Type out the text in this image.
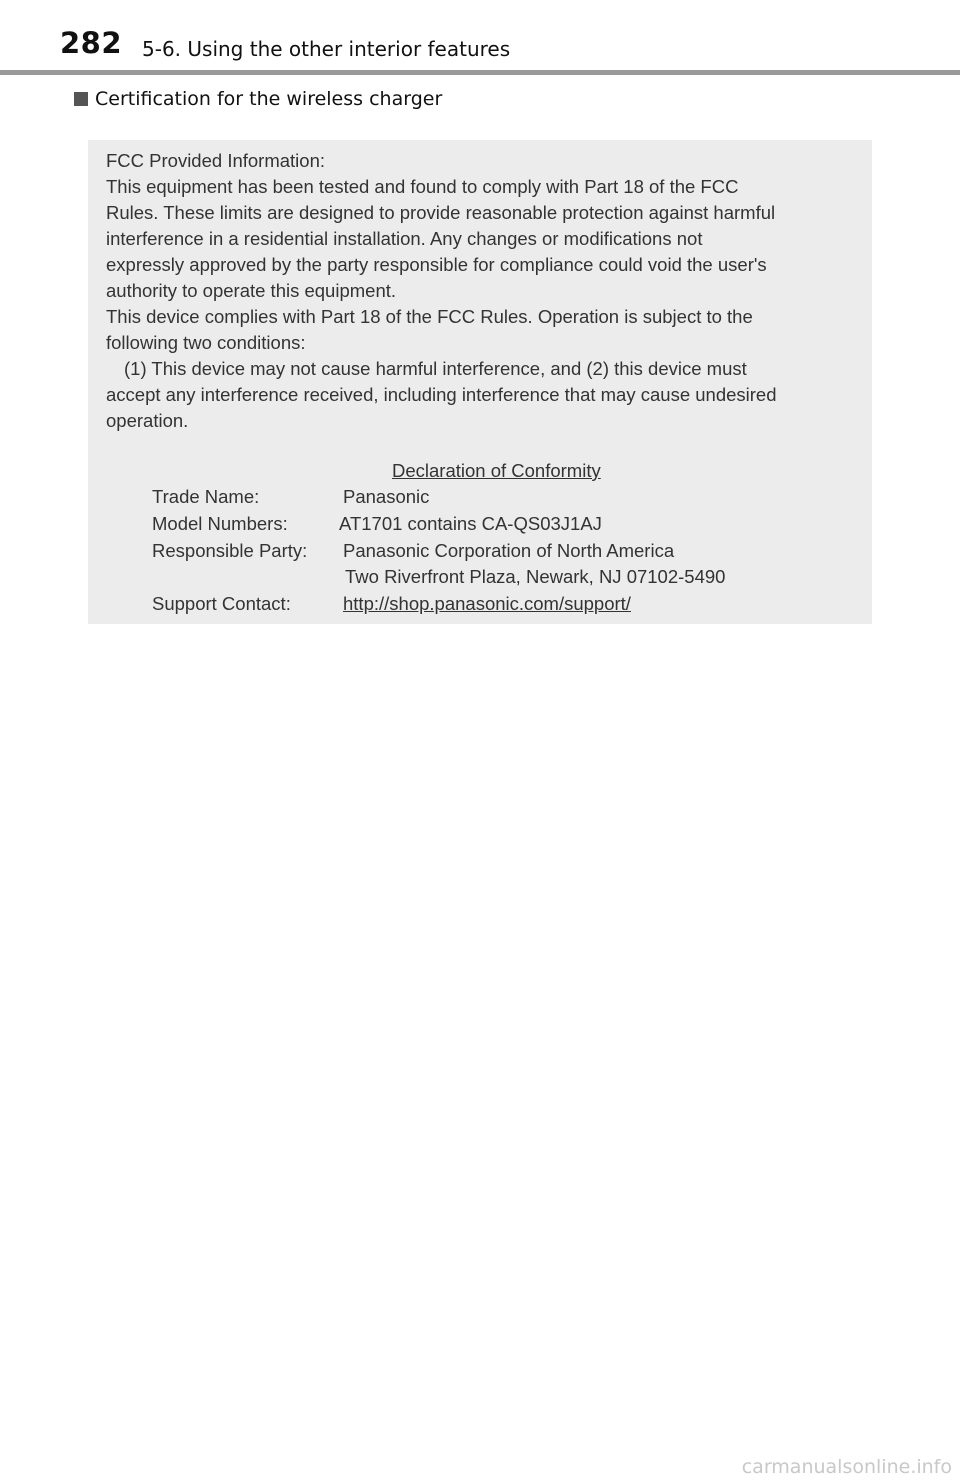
282 5-6. Using the other interior features
Certification for the wireless charger
FCC Provided Information:
This equipment has been tested and found to comply with Part 18 of the FCC
Rules. These limits are designed to provide reasonable protection against harmful
interference in a residential installation. Any changes or modifications not
expressly approved by the party responsible for compliance could void the user's
authority to operate this equipment.
This device complies with Part 18 of the FCC Rules. Operation is subject to the
following two conditions:
(1) This device may not cause harmful interference, and (2) this device must
accept any interference received, including interference that may cause undesired
operation.
Declaration of Conformity
Trade Name:	Panasonic
Model Numbers:	AT1701 contains CA-QS03J1AJ
Responsible Party: Panasonic Corporation of North America
Two Riverfront Plaza, Newark, NJ 07102-5490
Support Contact:	http://shop.panasonic.com/support/
carmanualsonline.info
